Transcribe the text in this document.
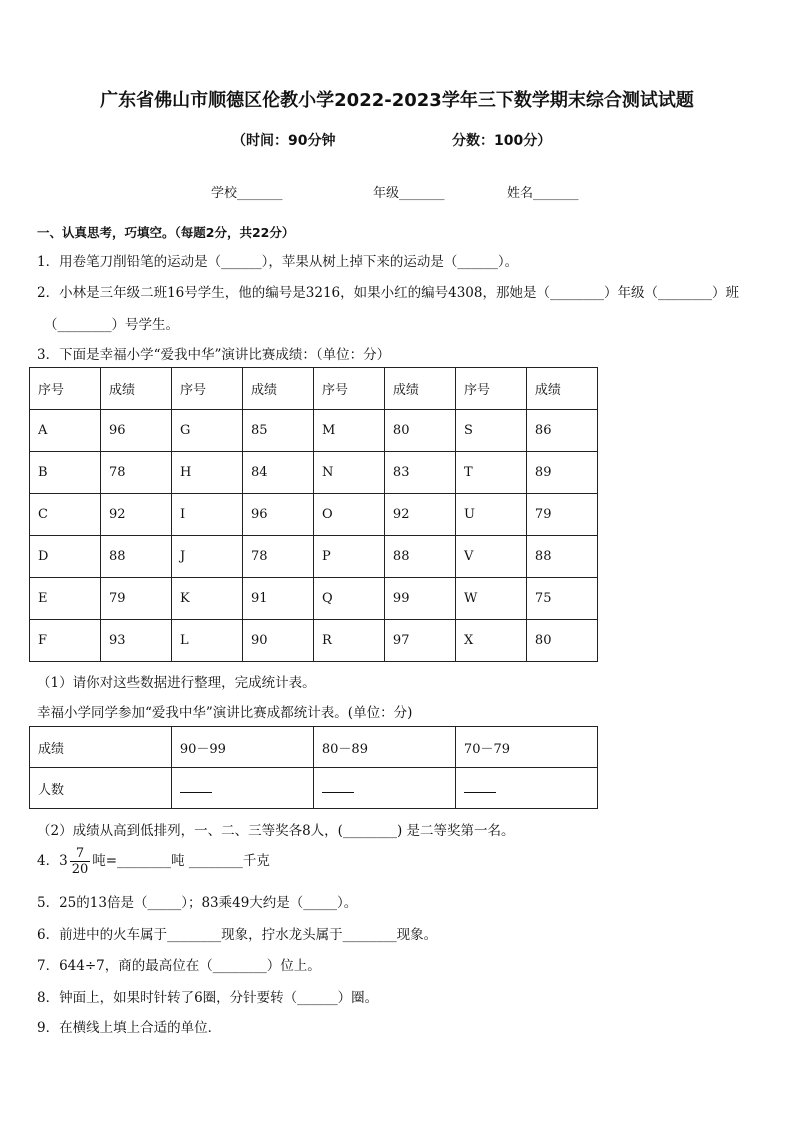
广东省佛山市顺德区伦教小学2022-2023学年三下数学期末综合测试试题
（时间：90分钟	分数：100分）
学校_______	年级_______	姓名_______
一、认真思考，巧填空。（每题2分，共22分）
1．用卷笔刀削铅笔的运动是（______），苹果从树上掉下来的运动是（______）。
2．小林是三年级二班16号学生，他的编号是3216，如果小红的编号4308，那她是（________）年级（________）班
（________）号学生。
3．下面是幸福小学“爱我中华”演讲比赛成绩：（单位：分）
序号	成绩	序号	成绩	序号	成绩	序号	成绩
A	96	G	85	M	80	S	86
B	78	H	84	N	83	T	89
C	92	I	96	O	92	U	79
D	88	J	78	P	88	V	88
E	79	K	91	Q	99	W	75
F	93	L	90	R	97	X	80
（1）请你对这些数据进行整理，完成统计表。
幸福小学同学参加“爱我中华”演讲比赛成都统计表。(单位：分)
成绩	90－99	80－89	70－79
人数			
（2）成绩从高到低排列，一、二、三等奖各8人，(________) 是二等奖第一名。
4．$3 \frac{7}{20}$ 吨=________吨 ________千克
5．25的13倍是（_____）；83乘49大约是（_____）。
6．前进中的火车属于________现象，拧水龙头属于________现象。
7．644÷7，商的最高位在（________）位上。
8．钟面上，如果时针转了6圈，分针要转（______）圈。
9．在横线上填上合适的单位．
